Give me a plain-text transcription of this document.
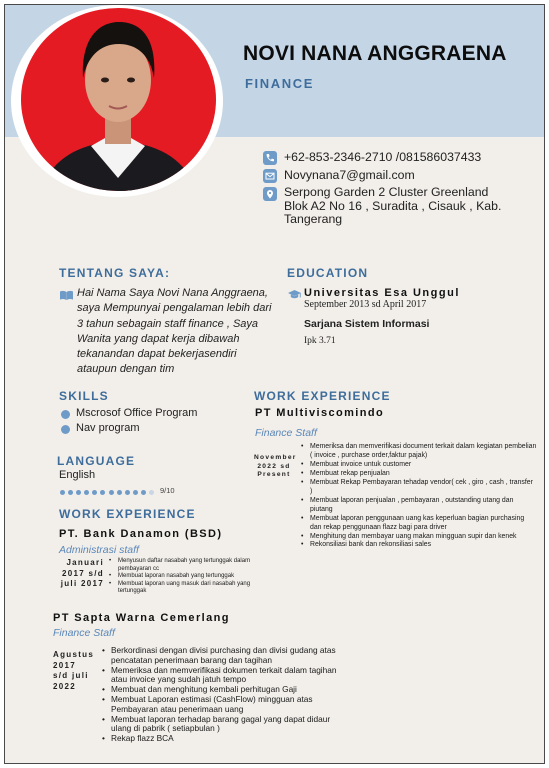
NOVI NANA ANGGRAENA
FINANCE
+62-853-2346-2710 /081586037433
Novynana7@gmail.com
Serpong Garden 2 Cluster Greenland
Blok A2 No 16 , Suradita , Cisauk , Kab.
Tangerang
TENTANG SAYA:
Hai Nama Saya Novi Nana Anggraena, saya Mempunyai pengalaman lebih dari 3 tahun sebagain staff finance , Saya Wanita yang dapat kerja dibawah tekanandan dapat bekerjasendiri ataupun dengan tim
EDUCATION
Universitas Esa Unggul
September 2013 sd April 2017
Sarjana Sistem Informasi
Ipk 3.71
SKILLS
Mscrosof Office Program
Nav program
LANGUAGE
English
9/10
WORK EXPERIENCE
PT. Bank Danamon (BSD)
Administrasi staff
Januari
2017 s/d
juli 2017
• Menyusun daftar nasabah yang tertunggak dalam pembayaran cc
• Membuat laporan nasabah yang tertunggak
• Membuat laporan uang masuk dari nasabah yang tertunggak
PT Sapta Warna Cemerlang
Finance Staff
Agustus
2017
s/d juli
2022
• Berkordinasi dengan divisi purchasing dan divisi gudang atas pencatatan penerimaan barang dan tagihan
• Memeriksa dan memverifikasi dokumen terkait dalam tagihan atau invoice yang sudah jatuh tempo
• Membuat dan menghitung kembali perhitugan Gaji
• Membuat Laporan estimasi (CashFlow) mingguan atas Pembayaran atau penerimaan uang
• Membuat laporan terhadap barang gagal yang dapat didaur ulang di pabrik ( setiapbulan )
• Rekap flazz BCA
WORK EXPERIENCE
PT Multiviscomindo
Finance Staff
November
2022 sd
Present
• Memeriksa dan memverifikasi document terkait dalam kegiatan pembelian ( invoice , purchase order,faktur pajak)
• Membuat invoice untuk customer
• Membuat rekap penjualan
• Membuat Rekap Pembayaran tehadap vendor( cek , giro , cash , transfer )
• Membuat laporan penjualan , pembayaran , outstanding utang dan piutang
• Membuat laporan penggunaan uang kas keperluan bagian purchasing dan rekap penggunaan flazz bagi para driver
• Menghitung dan membayar uang makan mingguan supir dan kenek
• Rekonsiliasi bank dan rekonsiliasi sales
